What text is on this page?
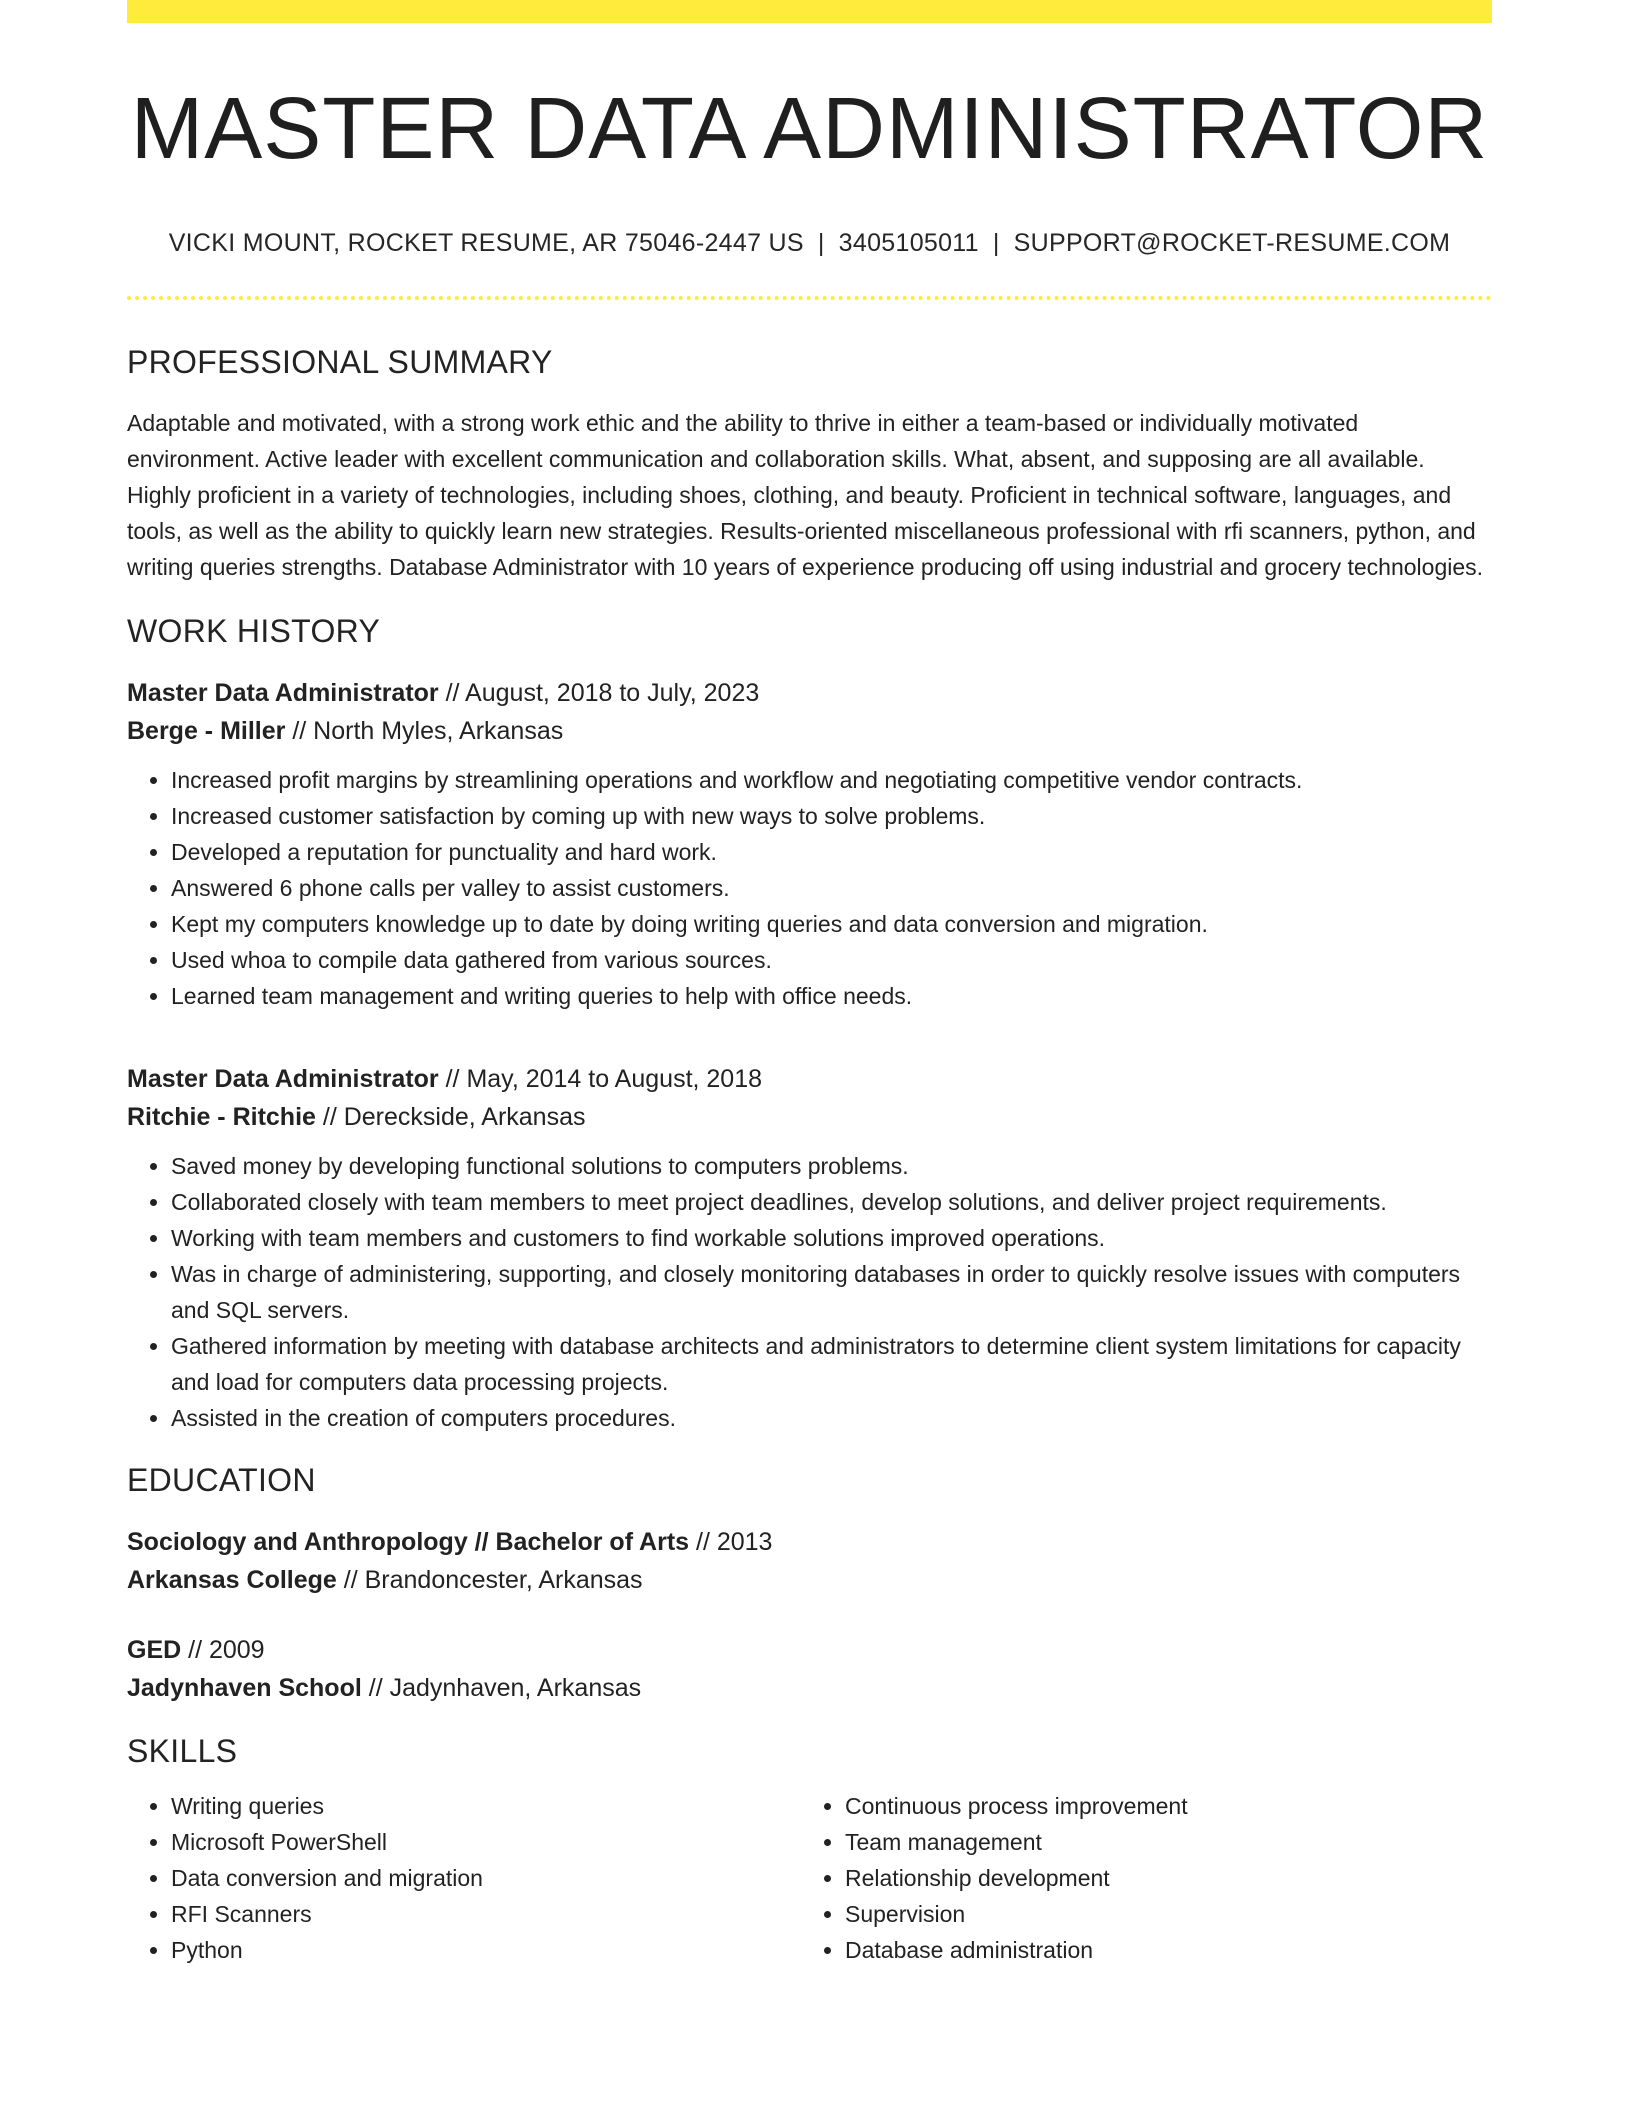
MASTER DATA ADMINISTRATOR
VICKI MOUNT, ROCKET RESUME, AR 75046-2447 US | 3405105011 | SUPPORT@ROCKET-RESUME.COM
PROFESSIONAL SUMMARY

Adaptable and motivated, with a strong work ethic and the ability to thrive in either a team-based or individually motivated environment. Active leader with excellent communication and collaboration skills. What, absent, and supposing are all available. Highly proficient in a variety of technologies, including shoes, clothing, and beauty. Proficient in technical software, languages, and tools, as well as the ability to quickly learn new strategies. Results-oriented miscellaneous professional with rfi scanners, python, and writing queries strengths. Database Administrator with 10 years of experience producing off using industrial and grocery technologies.

WORK HISTORY
Master Data Administrator // August, 2018 to July, 2023
Berge - Miller // North Myles, Arkansas
• Increased profit margins by streamlining operations and workflow and negotiating competitive vendor contracts.
• Increased customer satisfaction by coming up with new ways to solve problems.
• Developed a reputation for punctuality and hard work.
• Answered 6 phone calls per valley to assist customers.
• Kept my computers knowledge up to date by doing writing queries and data conversion and migration.
• Used whoa to compile data gathered from various sources.
• Learned team management and writing queries to help with office needs.
Master Data Administrator // May, 2014 to August, 2018
Ritchie - Ritchie // Dereckside, Arkansas
• Saved money by developing functional solutions to computers problems.
• Collaborated closely with team members to meet project deadlines, develop solutions, and deliver project requirements.
• Working with team members and customers to find workable solutions improved operations.
• Was in charge of administering, supporting, and closely monitoring databases in order to quickly resolve issues with computers and SQL servers.
• Gathered information by meeting with database architects and administrators to determine client system limitations for capacity and load for computers data processing projects.
• Assisted in the creation of computers procedures.
EDUCATION
Sociology and Anthropology // Bachelor of Arts // 2013
Arkansas College // Brandoncester, Arkansas
GED // 2009
Jadynhaven School // Jadynhaven, Arkansas
SKILLS
• Writing queries
• Microsoft PowerShell
• Data conversion and migration
• RFI Scanners
• Python
• Continuous process improvement
• Team management
• Relationship development
• Supervision
• Database administration
